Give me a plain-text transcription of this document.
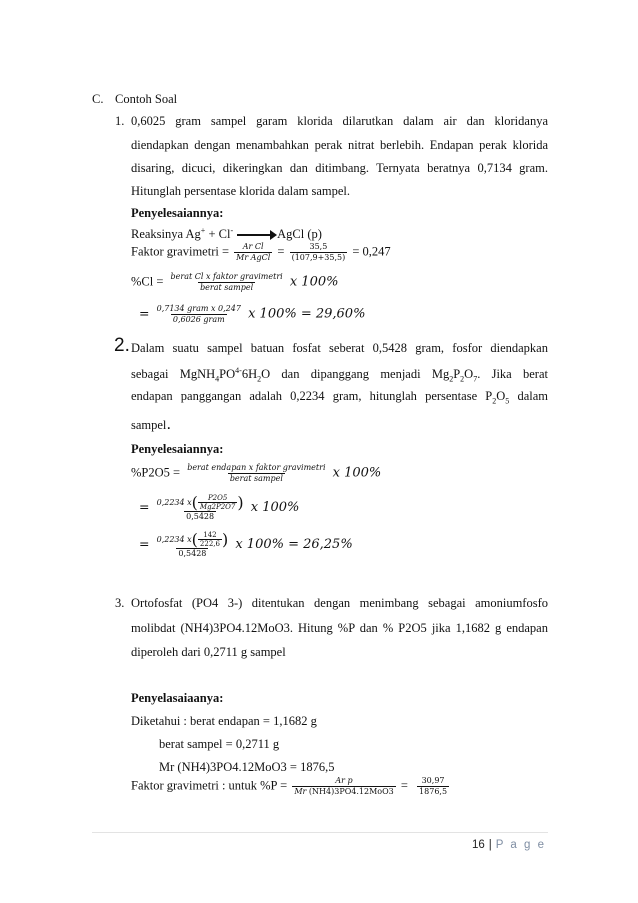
C. Contoh Soal
1. 0,6025 gram sampel garam klorida dilarutkan dalam air dan kloridanya
diendapkan dengan menambahkan perak nitrat berlebih. Endapan perak klorida
disaring, dicuci, dikeringkan dan ditimbang. Ternyata beratnya 0,7134 gram.
Hitunglah persentase klorida dalam sampel.
Penyelesaiannya:
Reaksinya Ag+ + Cl- → AgCl (p)
Faktor gravimetri = $\frac{\text{Ar Cl}}{\text{Mr AgCl}} = \frac{35,5}{(107,9+35,5)} = 0,247$
$\%Cl = \frac{\text{berat Cl x faktor gravimetri}}{\text{berat sampel}}$ x 100%
= $\frac{\text{0,7134 gram x 0,247}}{\text{0,6026 gram}}$ x 100% = 29,60%
2. Dalam suatu sampel batuan fosfat seberat 0,5428 gram, fosfor diendapkan
sebagai $MgNH_4PO^{4-}6H_2O$ dan dipanggang menjadi $Mg_2P_2O_7$. Jika berat
endapan panggangan adalah 0,2234 gram, hitunglah persentase $P_2O_5$ dalam
sampel.
Penyelesaiannya:
$\%P2O5 = \frac{\text{berat endapan x faktor gravimetri}}{\text{berat sampel}}$ x 100%
= 0,2234 x ( $\frac{P2O5}{Mg2P2O7}$ )
0,5428
x 100%
= 0,2234 x ( $\frac{142}{222,6}$ )
0,5428
x 100% = 26,25%
3. Ortofosfat (PO4 3-) ditentukan dengan menimbang sebagai amoniumfosfo
molibdat (NH4)3PO4.12MoO3. Hitung %P dan % P2O5 jika 1,1682 g endapan
diperoleh dari 0,2711 g sampel
Penyelasaiaanya:
Diketahui : berat endapan = 1,1682 g
berat sampel = 0,2711 g
Mr (NH4)3PO4.12MoO3 = 1876,5
Faktor gravimetri : untuk $\%P = \frac{\text{Ar p}}{\text{Mr (NH4)3PO4.12MoO3}} = \frac{30,97}{1876,5}$
16 | P a g e
